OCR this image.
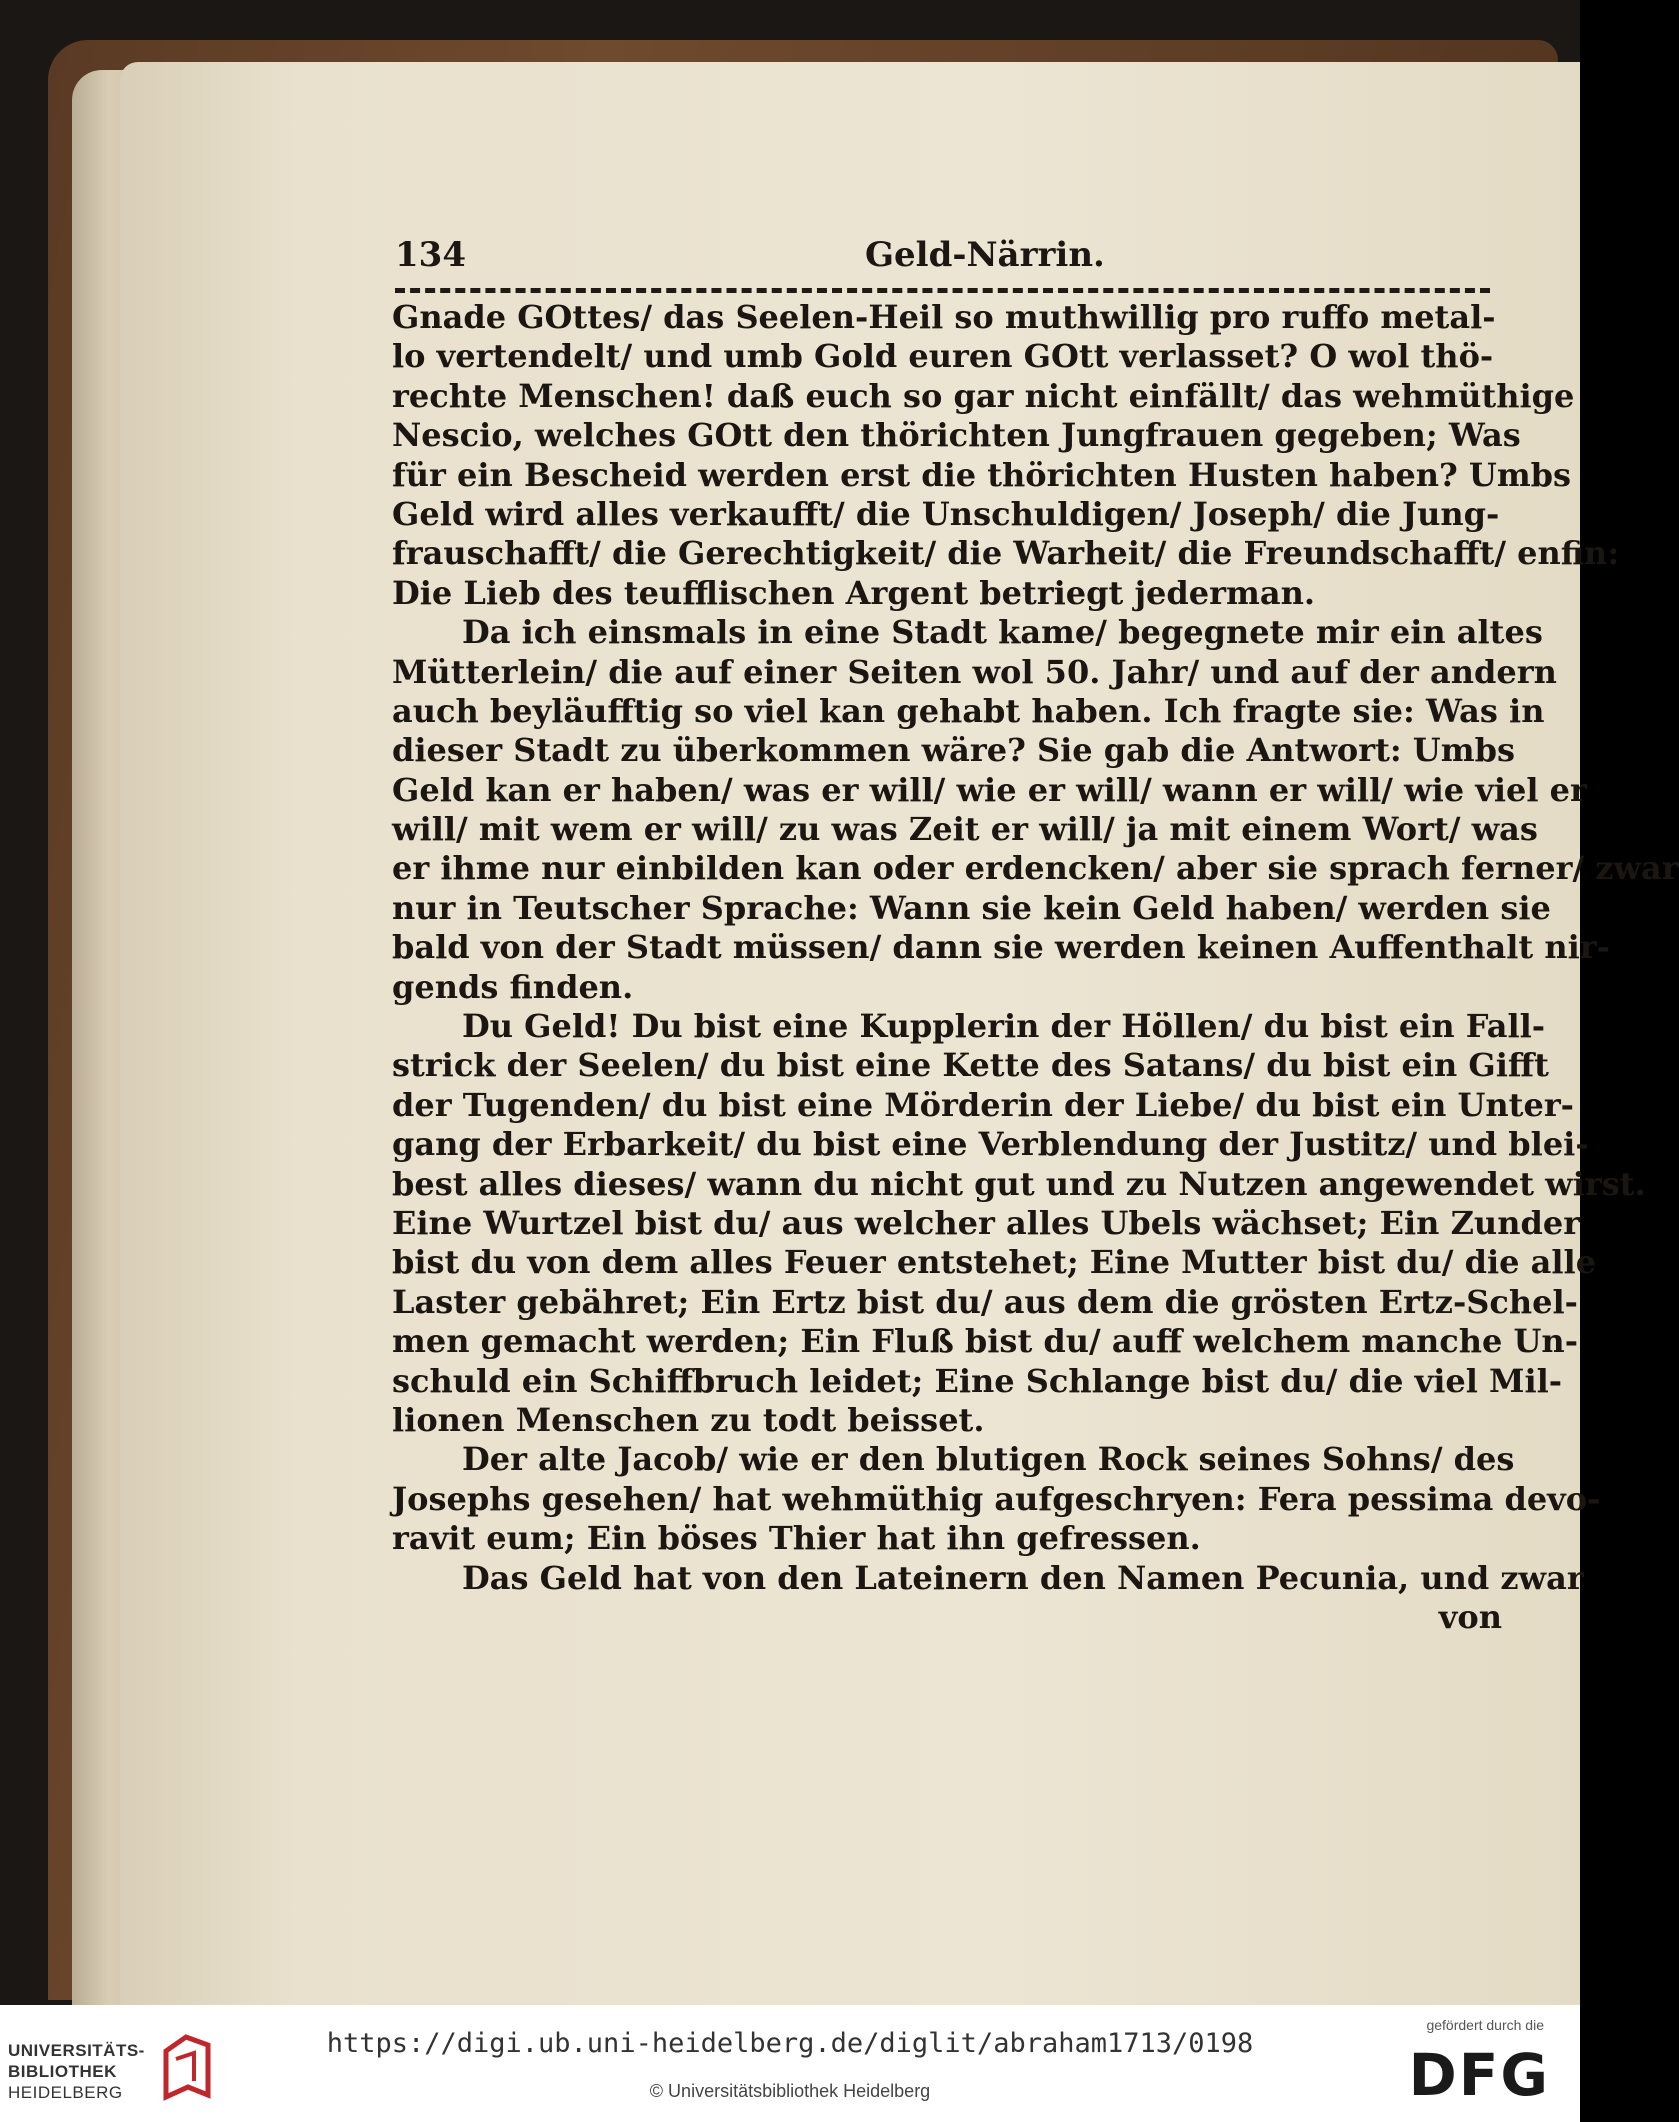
134	Geld-Närrin.
Gnade GOttes/ das Seelen-Heil so muthwillig pro ruffo metal-
lo vertendelt/ und umb Gold euren GOtt verlasset? O wol thö-
rechte Menschen! daß euch so gar nicht einfällt/ das wehmüthige
Nescio, welches GOtt den thörichten Jungfrauen gegeben; Was
für ein Bescheid werden erst die thörichten Husten haben? Umbs
Geld wird alles verkaufft/ die Unschuldigen/ Joseph/ die Jung-
frauschafft/ die Gerechtigkeit/ die Warheit/ die Freundschafft/ enfin:
Die Lieb des teufflischen Argent betriegt jederman.
Da ich einsmals in eine Stadt kame/ begegnete mir ein altes
Mütterlein/ die auf einer Seiten wol 50. Jahr/ und auf der andern
auch beyläufftig so viel kan gehabt haben. Ich fragte sie: Was in
dieser Stadt zu überkommen wäre? Sie gab die Antwort: Umbs
Geld kan er haben/ was er will/ wie er will/ wann er will/ wie viel er
will/ mit wem er will/ zu was Zeit er will/ ja mit einem Wort/ was
er ihme nur einbilden kan oder erdencken/ aber sie sprach ferner/ zwar
nur in Teutscher Sprache: Wann sie kein Geld haben/ werden sie
bald von der Stadt müssen/ dann sie werden keinen Auffenthalt nir-
gends finden.
Du Geld! Du bist eine Kupplerin der Höllen/ du bist ein Fall-
strick der Seelen/ du bist eine Kette des Satans/ du bist ein Gifft
der Tugenden/ du bist eine Mörderin der Liebe/ du bist ein Unter-
gang der Erbarkeit/ du bist eine Verblendung der Justitz/ und blei-
best alles dieses/ wann du nicht gut und zu Nutzen angewendet wirst.
Eine Wurtzel bist du/ aus welcher alles Ubels wächset; Ein Zunder
bist du von dem alles Feuer entstehet; Eine Mutter bist du/ die alle
Laster gebähret; Ein Ertz bist du/ aus dem die grösten Ertz-Schel-
men gemacht werden; Ein Fluß bist du/ auff welchem manche Un-
schuld ein Schiffbruch leidet; Eine Schlange bist du/ die viel Mil-
lionen Menschen zu todt beisset.
Der alte Jacob/ wie er den blutigen Rock seines Sohns/ des
Josephs gesehen/ hat wehmüthig aufgeschryen: Fera pessima devo-
ravit eum; Ein böses Thier hat ihn gefressen.
Das Geld hat von den Lateinern den Namen Pecunia, und zwar
von
UNIVERSITÄTS-
BIBLIOTHEK
HEIDELBERG
https://digi.ub.uni-heidelberg.de/diglit/abraham1713/0198
© Universitätsbibliothek Heidelberg
gefördert durch die
DFG
